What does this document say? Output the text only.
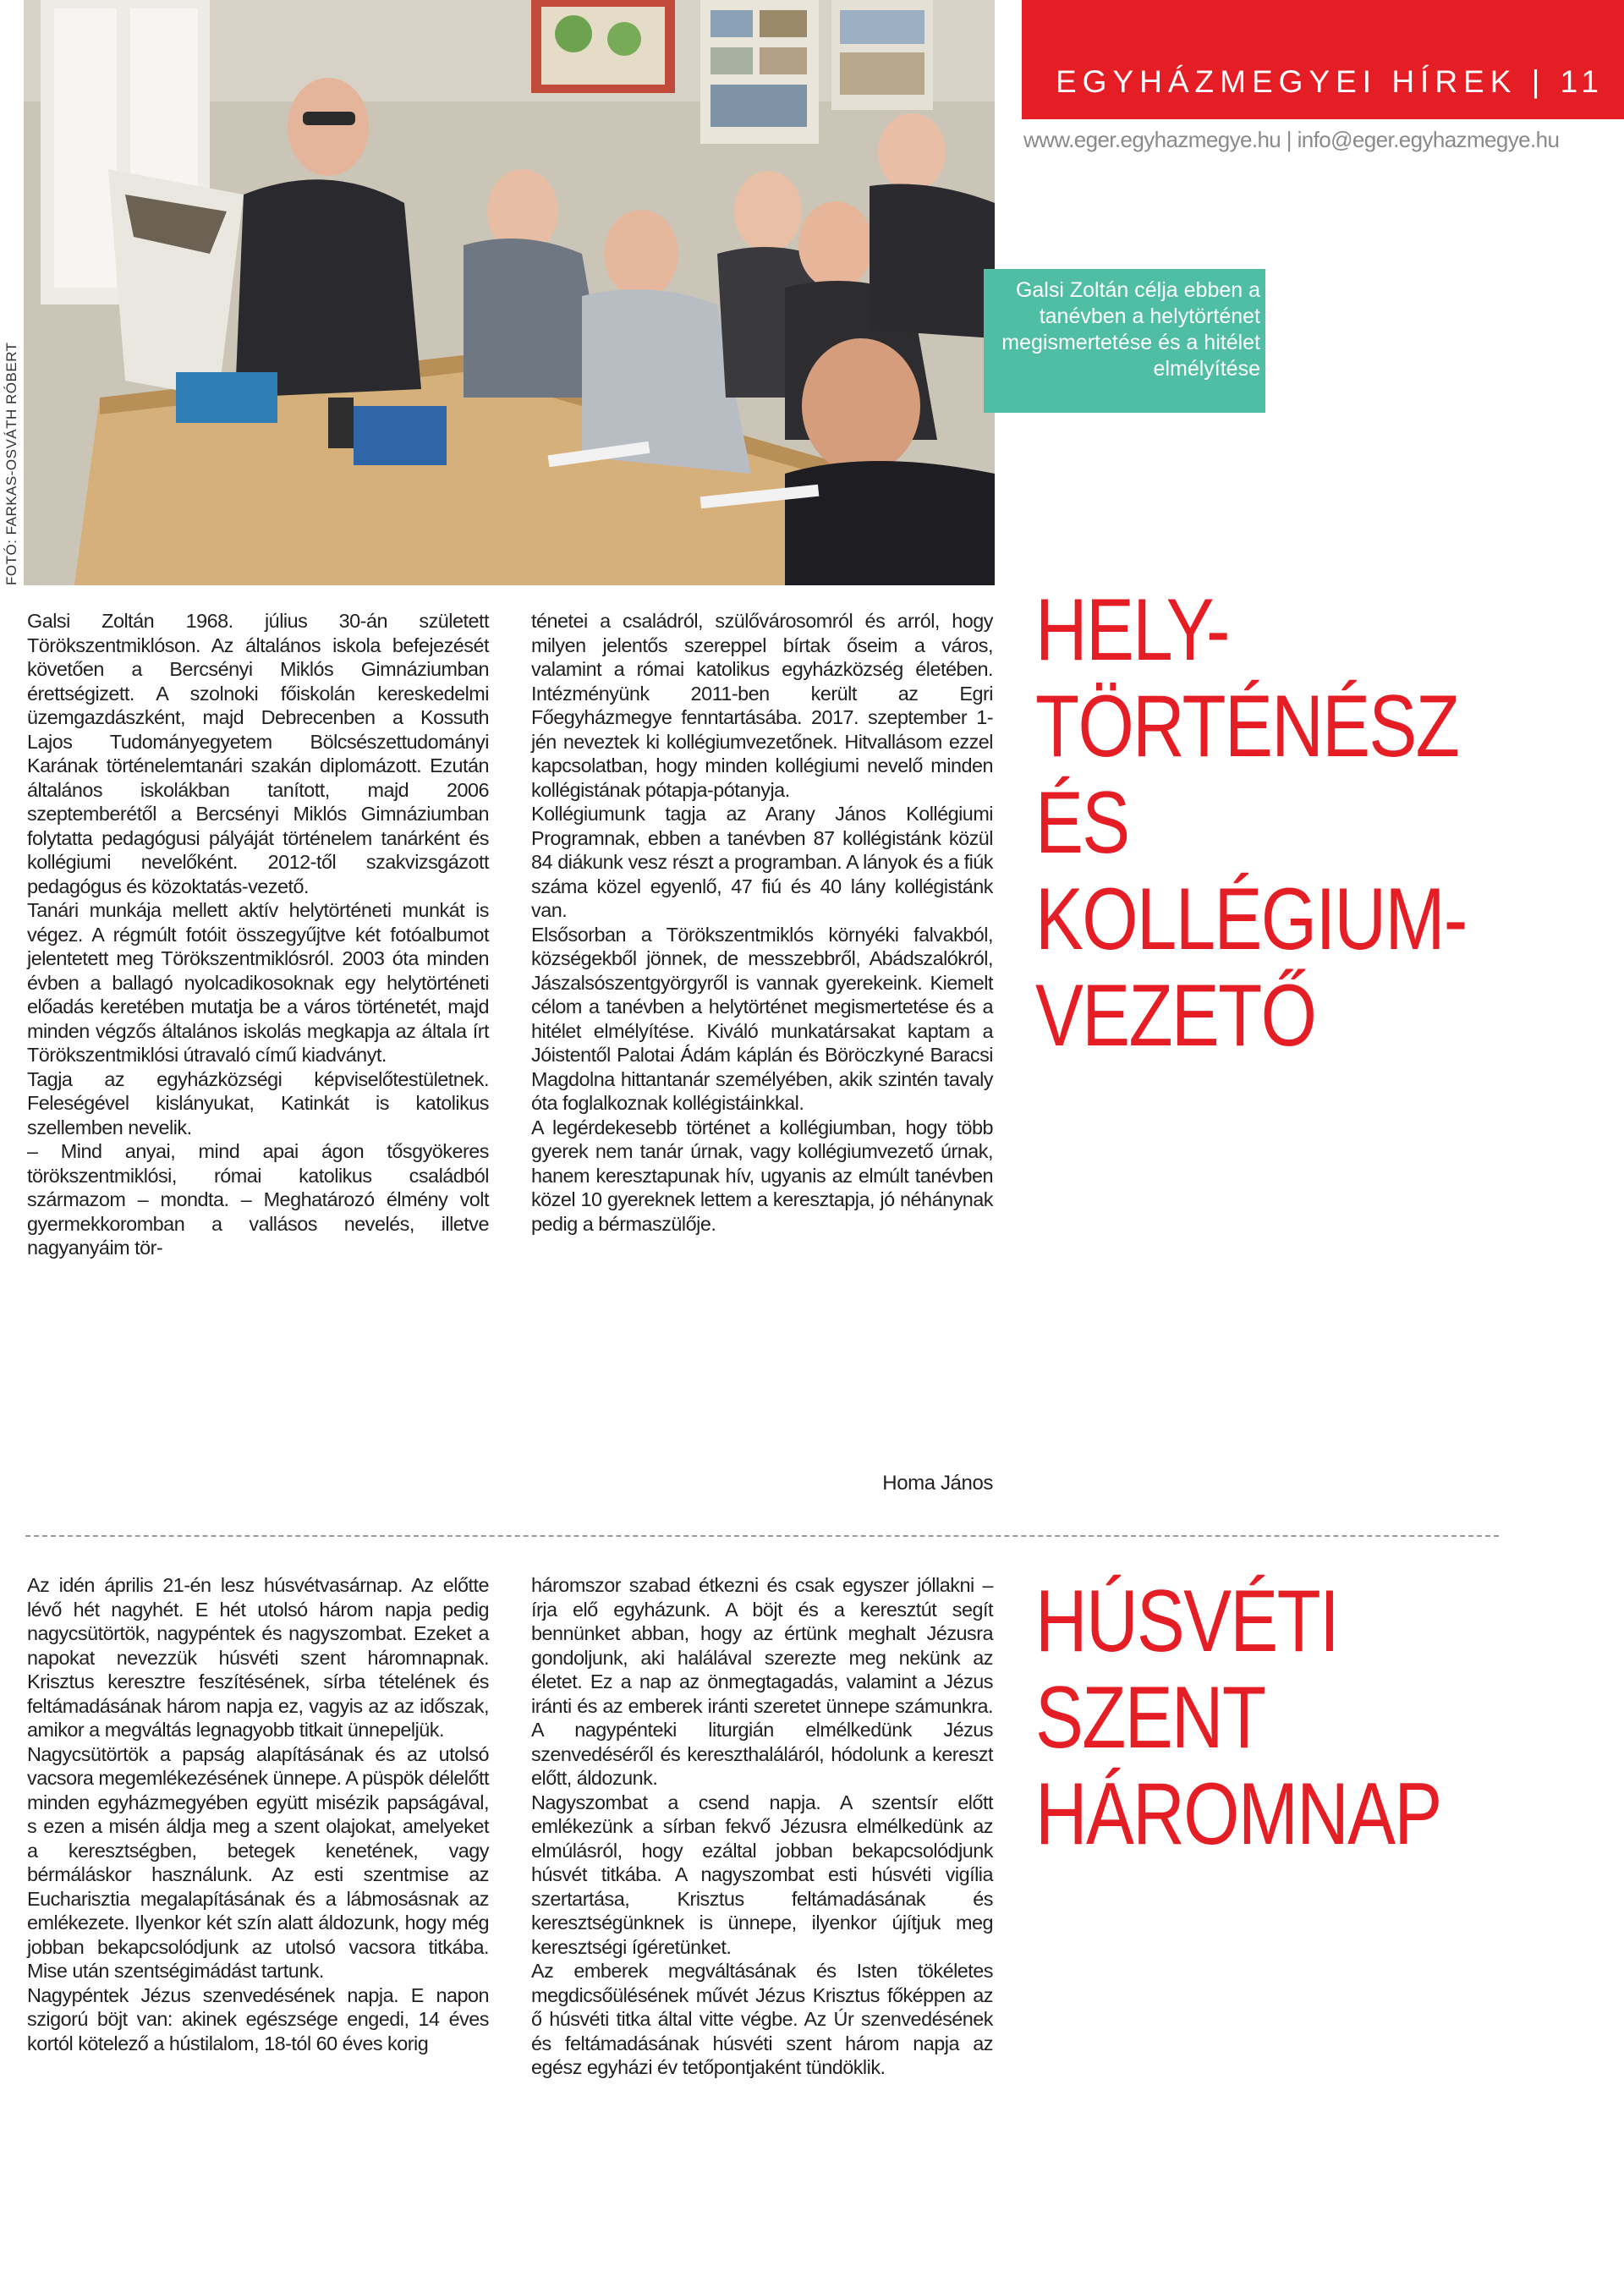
FOTÓ: FARKAS-OSVÁTH RÓBERT
EGYHÁZMEGYEI HÍREK | 11
www.eger.egyhazmegye.hu | info@eger.egyhazmegye.hu
Galsi Zoltán célja ebben a tanévben a helytörténet megismertetése és a hitélet elmélyítése
HELY-
TÖRTÉNÉSZ
ÉS
KOLLÉGIUM-
VEZETŐ

Galsi Zoltán 1968. július 30-án született Törökszentmiklóson. Az általános iskola befejezését követően a Bercsényi Miklós Gimnáziumban érettségizett. A szolnoki főiskolán kereskedelmi üzemgazdászként, majd Debrecenben a Kossuth Lajos Tudományegyetem Bölcsészettudományi Karának történelemtanári szakán diplomázott. Ezután általános iskolákban tanított, majd 2006 szeptemberétől a Bercsényi Miklós Gimnáziumban folytatta pedagógusi pályáját történelem tanárként és kollégiumi nevelőként. 2012-től szakvizsgázott pedagógus és közoktatás-vezető.

Tanári munkája mellett aktív helytörténeti munkát is végez. A régmúlt fotóit összegyűjtve két fotóalbumot jelentetett meg Törökszentmiklósról. 2003 óta minden évben a ballagó nyolcadikosoknak egy helytörténeti előadás keretében mutatja be a város történetét, majd minden végzős általános iskolás megkapja az általa írt Törökszentmiklósi útravaló című kiadványt.

Tagja az egyházközségi képviselőtestületnek. Feleségével kislányukat, Katinkát is katolikus szellemben nevelik.

– Mind anyai, mind apai ágon tősgyökeres törökszentmiklósi, római katolikus családból származom – mondta. – Meghatározó élmény volt gyermekkoromban a vallásos nevelés, illetve nagyanyáim tör-

ténetei a családról, szülővárosomról és arról, hogy milyen jelentős szereppel bírtak őseim a város, valamint a római katolikus egyházközség életében. Intézményünk 2011-ben került az Egri Főegyházmegye fenntartásába. 2017. szeptember 1-jén neveztek ki kollégiumvezetőnek. Hitvallásom ezzel kapcsolatban, hogy minden kollégiumi nevelő minden kollégistának pótapja-pótanyja.

Kollégiumunk tagja az Arany János Kollégiumi Programnak, ebben a tanévben 87 kollégistánk közül 84 diákunk vesz részt a programban. A lányok és a fiúk száma közel egyenlő, 47 fiú és 40 lány kollégistánk van.

Elsősorban a Törökszentmiklós környéki falvakból, községekből jönnek, de messzebbről, Abádszalókról, Jászalsószentgyörgyről is vannak gyerekeink. Kiemelt célom a tanévben a helytörténet megismertetése és a hitélet elmélyítése. Kiváló munkatársakat kaptam a Jóistentől Palotai Ádám káplán és Böröczkyné Baracsi Magdolna hittantanár személyében, akik szintén tavaly óta foglalkoznak kollégistáinkkal.

A legérdekesebb történet a kollégiumban, hogy több gyerek nem tanár úrnak, vagy kollégiumvezető úrnak, hanem keresztapunak hív, ugyanis az elmúlt tanévben közel 10 gyereknek lettem a keresztapja, jó néhánynak pedig a bérmaszülője.

Homa János
HÚSVÉTI
SZENT
HÁROMNAP

Az idén április 21-én lesz húsvétvasárnap. Az előtte lévő hét nagyhét. E hét utolsó három napja pedig nagycsütörtök, nagypéntek és nagyszombat. Ezeket a napokat nevezzük húsvéti szent háromnapnak. Krisztus keresztre feszítésének, sírba tételének és feltámadásának három napja ez, vagyis az az időszak, amikor a megváltás legnagyobb titkait ünnepeljük.

Nagycsütörtök a papság alapításának és az utolsó vacsora megemlékezésének ünnepe. A püspök délelőtt minden egyházmegyében együtt misézik papságával, s ezen a misén áldja meg a szent olajokat, amelyeket a keresztségben, betegek kenetének, vagy bérmáláskor használunk. Az esti szentmise az Eucharisztia megalapításának és a lábmosásnak az emlékezete. Ilyenkor két szín alatt áldozunk, hogy még jobban bekapcsolódjunk az utolsó vacsora titkába. Mise után szentségimádást tartunk.

Nagypéntek Jézus szenvedésének napja. E napon szigorú böjt van: akinek egészsége engedi, 14 éves kortól kötelező a hústilalom, 18-tól 60 éves korig

háromszor szabad étkezni és csak egyszer jóllakni – írja elő egyházunk. A böjt és a keresztút segít bennünket abban, hogy az értünk meghalt Jézusra gondoljunk, aki halálával szerezte meg nekünk az életet. Ez a nap az önmegtagadás, valamint a Jézus iránti és az emberek iránti szeretet ünnepe számunkra. A nagypénteki liturgián elmélkedünk Jézus szenvedéséről és kereszthaláláról, hódolunk a kereszt előtt, áldozunk.

Nagyszombat a csend napja. A szentsír előtt emlékezünk a sírban fekvő Jézusra elmélkedünk az elmúlásról, hogy ezáltal jobban bekapcsolódjunk húsvét titkába. A nagyszombat esti húsvéti vigília szertartása, Krisztus feltámadásának és keresztségünknek is ünnepe, ilyenkor újítjuk meg keresztségi ígéretünket.

Az emberek megváltásának és Isten tökéletes megdicsőülésének művét Jézus Krisztus főképpen az ő húsvéti titka által vitte végbe. Az Úr szenvedésének és feltámadásának húsvéti szent három napja az egész egyházi év tetőpontjaként tündöklik.
